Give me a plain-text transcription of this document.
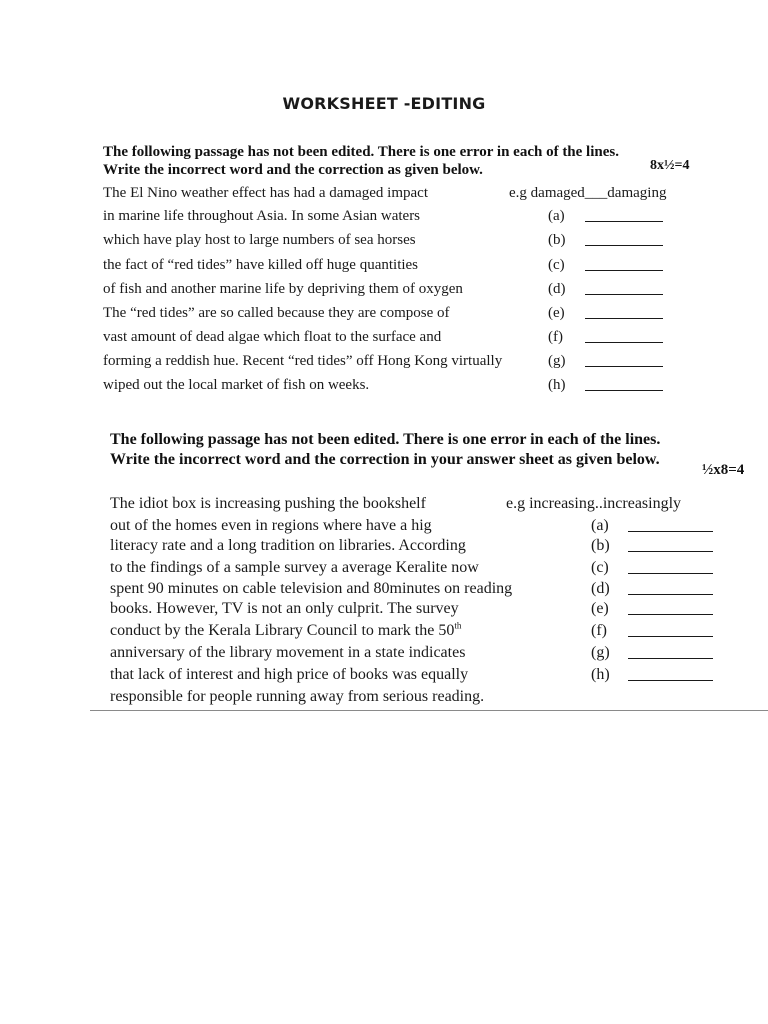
WORKSHEET -EDITING
The following passage has not been edited. There is one error in each of the lines.
Write the incorrect word and the correction as given below.	8x½=4
The El Nino weather effect has had a damaged impact	e.g damaged___damaging
in marine life throughout Asia. In some Asian waters	(a)
which have play host to large numbers of sea horses	(b)
the fact of “red tides” have killed off huge quantities	(c)
of fish and another marine life by depriving them of oxygen	(d)
The “red tides” are so called because they are compose of	(e)
vast amount of dead algae which float to the surface and	(f)
forming a reddish hue. Recent “red tides” off Hong Kong virtually	(g)
wiped out the local market of fish on weeks.	(h)
The following passage has not been edited. There is one error in each of the lines.
Write the incorrect word and the correction in your answer sheet as given below.
½x8=4
The idiot box is increasing pushing the bookshelf	e.g increasing..increasingly
out of the homes even in regions where have a hig	(a)
literacy rate and a long tradition on libraries. According	(b)
to the findings of a sample survey a average Keralite now	(c)
spent 90 minutes on cable television and 80minutes on reading	(d)
books. However, TV is not an only culprit. The survey	(e)
conduct by the Kerala Library Council to mark the 50th	(f)
anniversary of the library movement in a state indicates	(g)
that lack of interest and high price of books was equally	(h)
responsible for people running away from serious reading.
